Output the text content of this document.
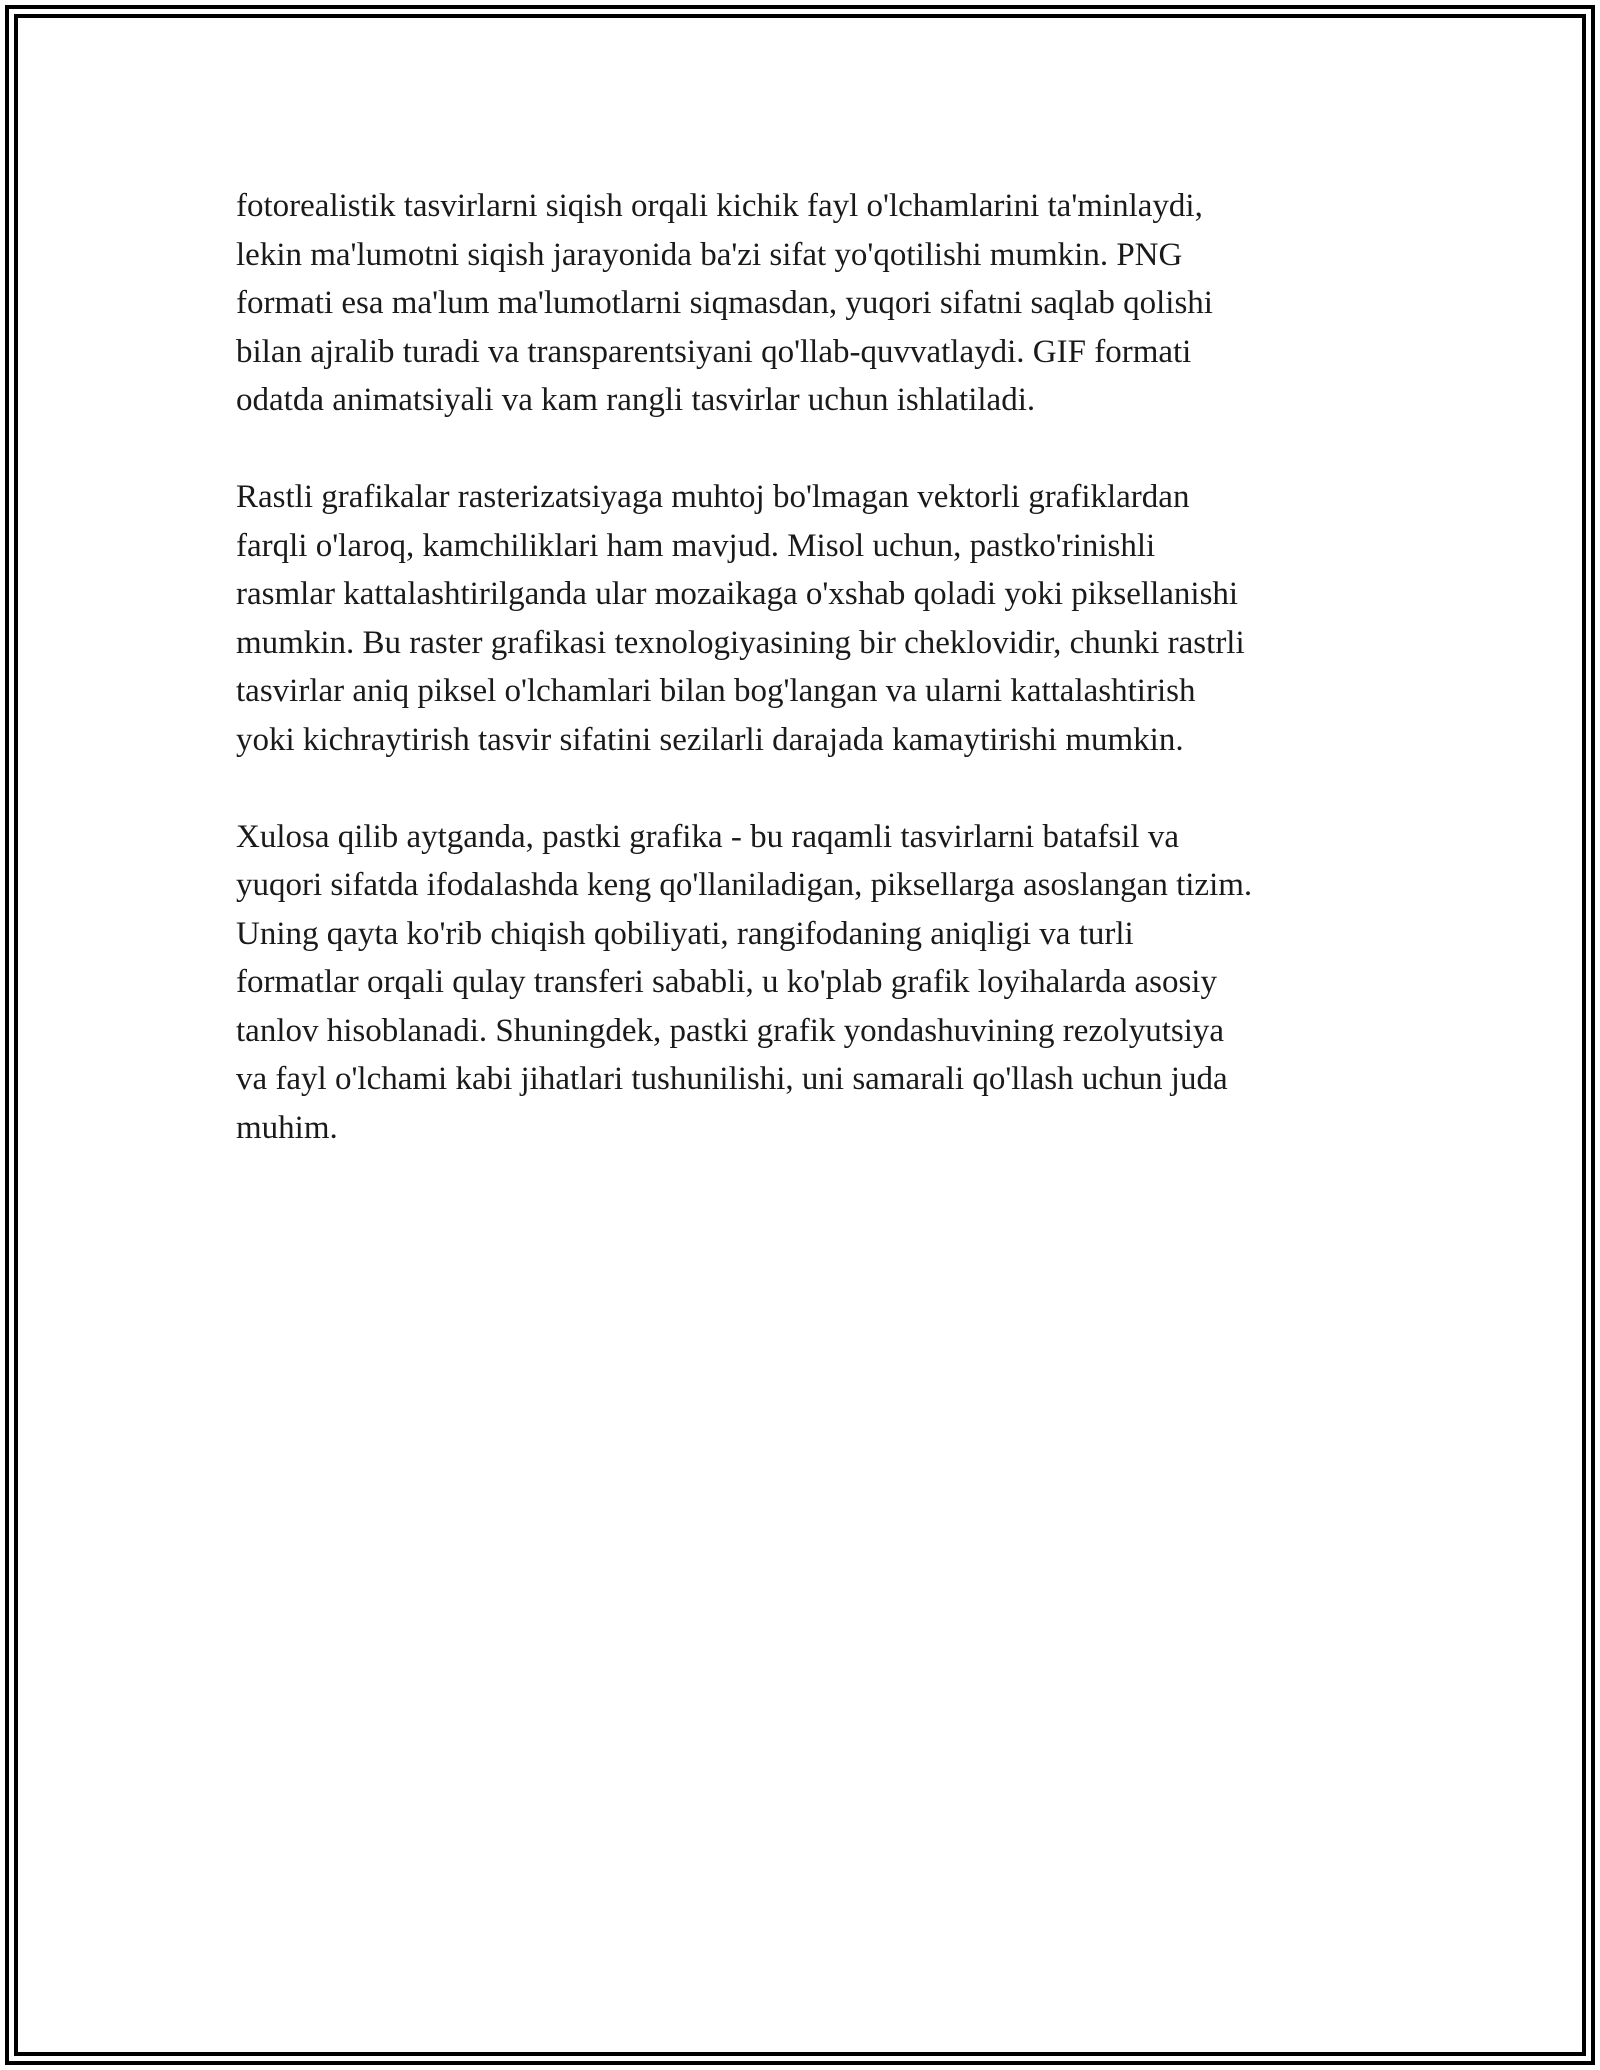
fotorealistik tasvirlarni siqish orqali kichik fayl o'lchamlarini ta'minlaydi,
lekin ma'lumotni siqish jarayonida ba'zi sifat yo'qotilishi mumkin. PNG
formati esa ma'lum ma'lumotlarni siqmasdan, yuqori sifatni saqlab qolishi
bilan ajralib turadi va transparentsiyani qo'llab-quvvatlaydi. GIF formati
odatda animatsiyali va kam rangli tasvirlar uchun ishlatiladi.

Rastli grafikalar rasterizatsiyaga muhtoj bo'lmagan vektorli grafiklardan
farqli o'laroq, kamchiliklari ham mavjud. Misol uchun, pastko'rinishli
rasmlar kattalashtirilganda ular mozaikaga o'xshab qoladi yoki piksellanishi
mumkin. Bu raster grafikasi texnologiyasining bir cheklovidir, chunki rastrli
tasvirlar aniq piksel o'lchamlari bilan bog'langan va ularni kattalashtirish
yoki kichraytirish tasvir sifatini sezilarli darajada kamaytirishi mumkin.

Xulosa qilib aytganda, pastki grafika - bu raqamli tasvirlarni batafsil va
yuqori sifatda ifodalashda keng qo'llaniladigan, piksellarga asoslangan tizim.
Uning qayta ko'rib chiqish qobiliyati, rangifodaning aniqligi va turli
formatlar orqali qulay transferi sababli, u ko'plab grafik loyihalarda asosiy
tanlov hisoblanadi. Shuningdek, pastki grafik yondashuvining rezolyutsiya
va fayl o'lchami kabi jihatlari tushunilishi, uni samarali qo'llash uchun juda
muhim.
